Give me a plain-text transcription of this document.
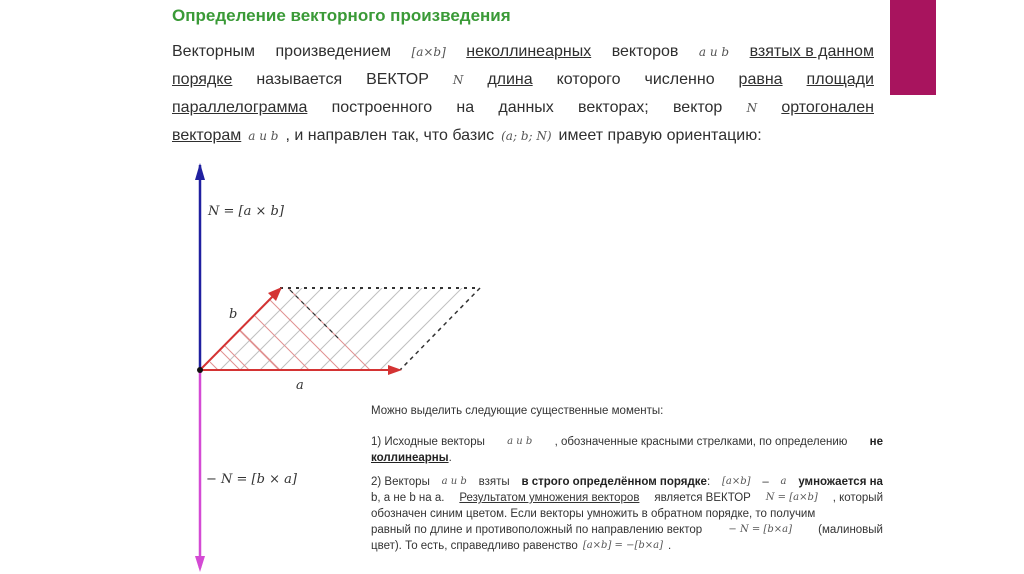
Определение векторного произведения
Векторным произведением [a×b] неколлинеарных векторов a и b взятых в данном
порядке называется ВЕКТОР N длина которого численно равна площади
параллелограмма построенного на данных векторах; вектор N ортогонален
векторам a и b , и направлен так, что базис (a; b; N) имеет правую ориентацию:
N = [a × b]
− N = [b × a]
a
b

Можно выделить следующие существенные моменты:

1) Исходные векторы a и b , обозначенные красными стрелками, по определению не
коллинеарны.
2) Векторы a и b взяты в строго определённом порядке: [a×b] – a умножается на
b, а не b на a. Результатом умножения векторов является ВЕКТОР N = [a×b] , который
обозначен синим цветом. Если векторы умножить в обратном порядке, то получим
равный по длине и противоположный по направлению вектор	− N = [b×a] (малиновый
цвет). То есть, справедливо равенство [a×b] = −[b×a] .
